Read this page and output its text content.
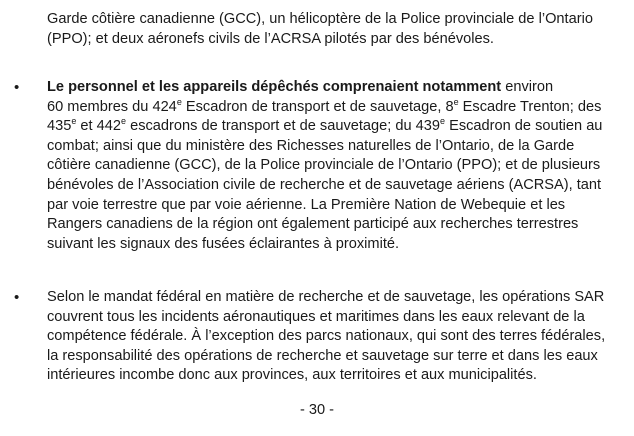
Garde côtière canadienne (GCC), un hélicoptère de la Police provinciale de l’Ontario
(PPO); et deux aéronefs civils de l’ACRSA pilotés par des bénévoles.

• Le personnel et les appareils dépêchés comprenaient notamment environ
60 membres du 424e Escadron de transport et de sauvetage, 8e Escadre Trenton; des
435e et 442e escadrons de transport et de sauvetage; du 439e Escadron de soutien au
combat; ainsi que du ministère des Richesses naturelles de l’Ontario, de la Garde
côtière canadienne (GCC), de la Police provinciale de l’Ontario (PPO); et de plusieurs
bénévoles de l’Association civile de recherche et de sauvetage aériens (ACRSA), tant
par voie terrestre que par voie aérienne. La Première Nation de Webequie et les
Rangers canadiens de la région ont également participé aux recherches terrestres
suivant les signaux des fusées éclairantes à proximité.
• Selon le mandat fédéral en matière de recherche et de sauvetage, les opérations SAR
couvrent tous les incidents aéronautiques et maritimes dans les eaux relevant de la
compétence fédérale. À l’exception des parcs nationaux, qui sont des terres fédérales,
la responsabilité des opérations de recherche et sauvetage sur terre et dans les eaux
intérieures incombe donc aux provinces, aux territoires et aux municipalités.
- 30 -
